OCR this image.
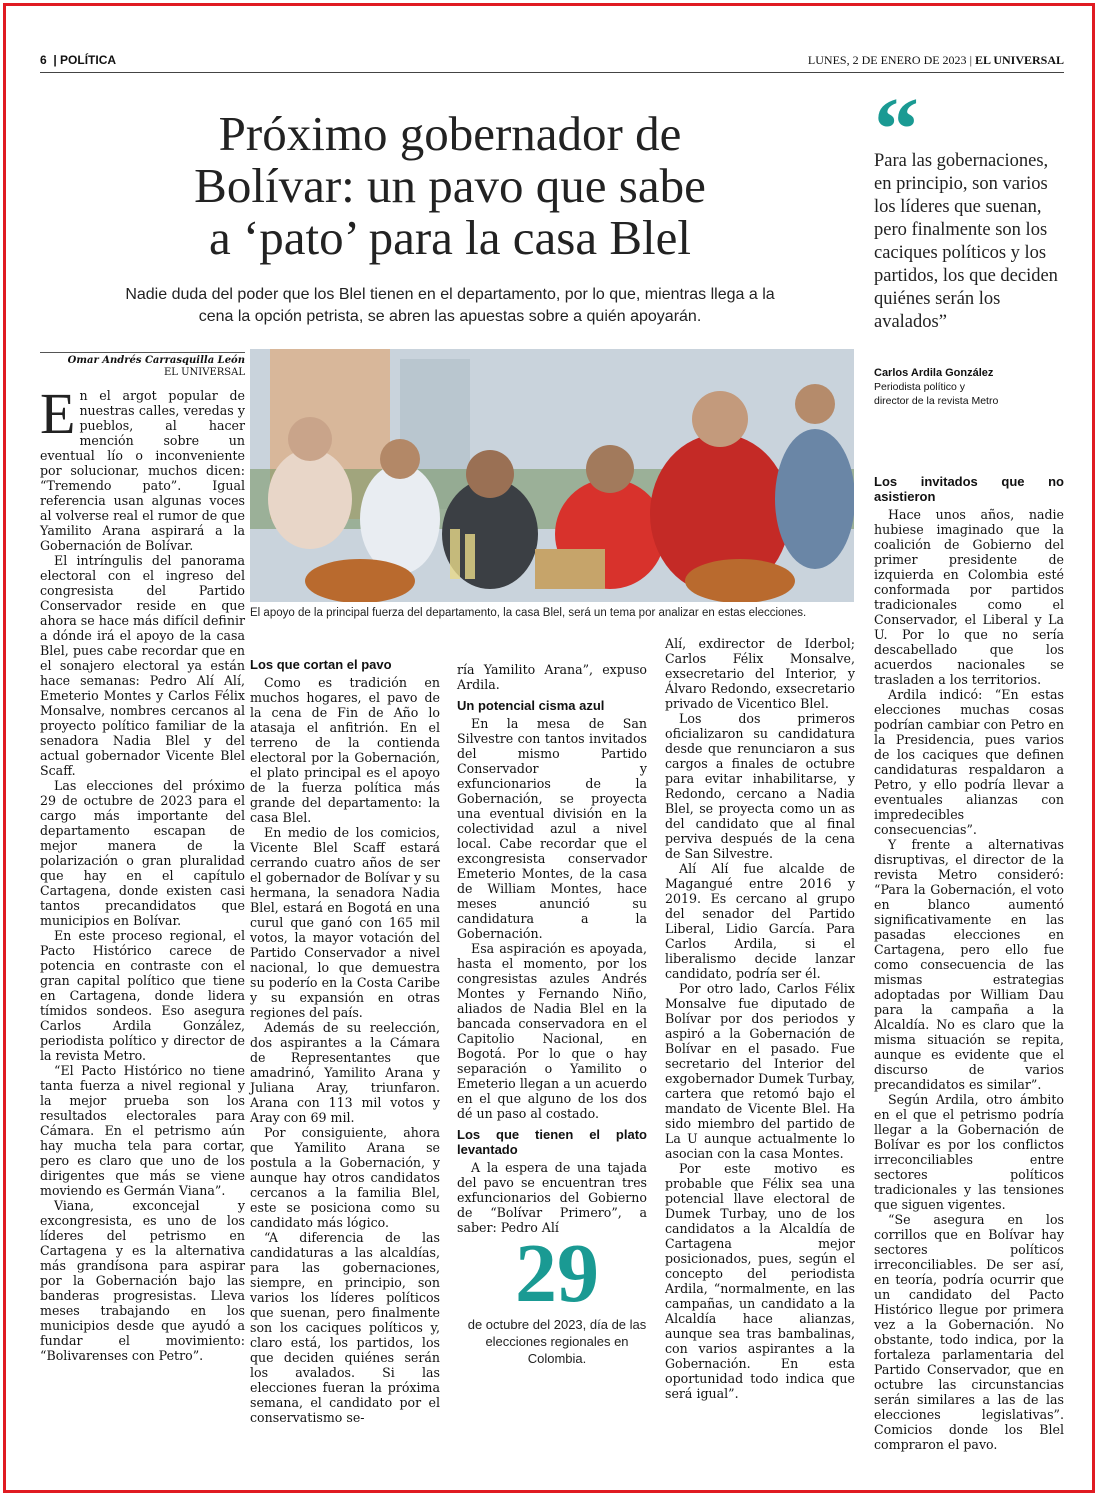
6  | POLÍTICA	LUNES, 2 DE ENERO DE 2023 | EL UNIVERSAL
Próximo gobernador de
Bolívar: un pavo que sabe
a ‘pato’ para la casa Blel
Nadie duda del poder que los Blel tienen en el departamento, por lo que, mientras llega a la
cena la opción petrista, se abren las apuestas sobre a quién apoyarán.
Omar Andrés Carrasquilla León
EL UNIVERSAL

En el argot popular de nuestras calles, veredas y pueblos, al hacer mención sobre un eventual lío o inconveniente por solucionar, muchos dicen: “Tremendo pato”. Igual referencia usan algunas voces al volverse real el rumor de que Yamilito Arana aspirará a la Gobernación de Bolívar.

El intríngulis del panorama electoral con el ingreso del congresista del Partido Conservador reside en que ahora se hace más difícil definir a dónde irá el apoyo de la casa Blel, pues cabe recordar que en el sonajero electoral ya están hace semanas: Pedro Alí Alí, Emeterio Montes y Carlos Félix Monsalve, nombres cercanos al proyecto político familiar de la senadora Nadia Blel y del actual gobernador Vicente Blel Scaff.

Las elecciones del próximo 29 de octubre de 2023 para el cargo más importante del departamento escapan de mejor manera de la polarización o gran pluralidad que hay en el capítulo Cartagena, donde existen casi tantos precandidatos que municipios en Bolívar.

En este proceso regional, el Pacto Histórico carece de potencia en contraste con el gran capital político que tiene en Cartagena, donde lidera tímidos sondeos. Eso asegura Carlos Ardila González, periodista político y director de la revista Metro.

“El Pacto Histórico no tiene tanta fuerza a nivel regional y la mejor prueba son los resultados electorales para Cámara. En el petrismo aún hay mucha tela para cortar, pero es claro que uno de los dirigentes que más se viene moviendo es Germán Viana”.

Viana, exconcejal y excongresista, es uno de los líderes del petrismo en Cartagena y es la alternativa más grandísona para aspirar por la Gobernación bajo las banderas progresistas. Lleva meses trabajando en los municipios desde que ayudó a fundar el movimiento: “Bolivarenses con Petro”.

El apoyo de la principal fuerza del departamento, la casa Blel, será un tema por analizar en estas elecciones.
Los que cortan el pavo

Como es tradición en muchos hogares, el pavo de la cena de Fin de Año lo atasaja el anfitrión. En el terreno de la contienda electoral por la Gobernación, el plato principal es el apoyo de la fuerza política más grande del departamento: la casa Blel.

En medio de los comicios, Vicente Blel Scaff estará cerrando cuatro años de ser el gobernador de Bolívar y su hermana, la senadora Nadia Blel, estará en Bogotá en una curul que ganó con 165 mil votos, la mayor votación del Partido Conservador a nivel nacional, lo que demuestra su poderío en la Costa Caribe y su expansión en otras regiones del país.

Además de su reelección, dos aspirantes a la Cámara de Representantes que amadrinó, Yamilito Arana y Juliana Aray, triunfaron. Arana con 113 mil votos y Aray con 69 mil.

Por consiguiente, ahora que Yamilito Arana se postula a la Gobernación, y aunque hay otros candidatos cercanos a la familia Blel, este se posiciona como su candidato más lógico.

“A diferencia de las candidaturas a las alcaldías, para las gobernaciones, siempre, en principio, son varios los líderes políticos que suenan, pero finalmente son los caciques políticos y, claro está, los partidos, los que deciden quiénes serán los avalados. Si las elecciones fueran la próxima semana, el candidato por el conservatismo se-

ría Yamilito Arana”, expuso Ardila.

Un potencial cisma azul

En la mesa de San Silvestre con tantos invitados del mismo Partido Conservador y exfuncionarios de la Gobernación, se proyecta una eventual división en la colectividad azul a nivel local. Cabe recordar que el excongresista conservador Emeterio Montes, de la casa de William Montes, hace meses anunció su candidatura a la Gobernación.

Esa aspiración es apoyada, hasta el momento, por los congresistas azules Andrés Montes y Fernando Niño, aliados de Nadia Blel en la bancada conservadora en el Capitolio Nacional, en Bogotá. Por lo que o hay separación o Yamilito o Emeterio llegan a un acuerdo en el que alguno de los dos dé un paso al costado.

Los que tienen el plato levantado

A la espera de una tajada del pavo se encuentran tres exfuncionarios del Gobierno de “Bolívar Primero”, a saber: Pedro Alí

29
de octubre del 2023, día de las elecciones regionales en Colombia.

Alí, exdirector de Iderbol; Carlos Félix Monsalve, exsecretario del Interior, y Álvaro Redondo, exsecretario privado de Vicentico Blel.

Los dos primeros oficializaron su candidatura desde que renunciaron a sus cargos a finales de octubre para evitar inhabilitarse, y Redondo, cercano a Nadia Blel, se proyecta como un as del candidato que al final perviva después de la cena de San Silvestre.

Alí Alí fue alcalde de Magangué entre 2016 y 2019. Es cercano al grupo del senador del Partido Liberal, Lidio García. Para Carlos Ardila, si el liberalismo decide lanzar candidato, podría ser él.

Por otro lado, Carlos Félix Monsalve fue diputado de Bolívar por dos periodos y aspiró a la Gobernación de Bolívar en el pasado. Fue secretario del Interior del exgobernador Dumek Turbay, cartera que retomó bajo el mandato de Vicente Blel. Ha sido miembro del partido de La U aunque actualmente lo asocian con la casa Montes.

Por este motivo es probable que Félix sea una potencial llave electoral de Dumek Turbay, uno de los candidatos a la Alcaldía de Cartagena mejor posicionados, pues, según el concepto del periodista Ardila, “normalmente, en las campañas, un candidato a la Alcaldía hace alianzas, aunque sea tras bambalinas, con varios aspirantes a la Gobernación. En esta oportunidad todo indica que será igual”.

“
Para las gobernaciones, en principio, son varios los líderes que suenan, pero finalmente son los caciques políticos y los partidos, los que deciden quiénes serán los avalados”
Carlos Ardila González
Periodista político y
director de la revista Metro
Los invitados que no asistieron

Hace unos años, nadie hubiese imaginado que la coalición de Gobierno del primer presidente de izquierda en Colombia esté conformada por partidos tradicionales como el Conservador, el Liberal y La U. Por lo que no sería descabellado que los acuerdos nacionales se trasladen a los territorios.

Ardila indicó: “En estas elecciones muchas cosas podrían cambiar con Petro en la Presidencia, pues varios de los caciques que definen candidaturas respaldaron a Petro, y ello podría llevar a eventuales alianzas con impredecibles consecuencias”.

Y frente a alternativas disruptivas, el director de la revista Metro consideró: “Para la Gobernación, el voto en blanco aumentó significativamente en las pasadas elecciones en Cartagena, pero ello fue como consecuencia de las mismas estrategias adoptadas por William Dau para la campaña a la Alcaldía. No es claro que la misma situación se repita, aunque es evidente que el discurso de varios precandidatos es similar”.

Según Ardila, otro ámbito en el que el petrismo podría llegar a la Gobernación de Bolívar es por los conflictos irreconciliables entre sectores políticos tradicionales y las tensiones que siguen vigentes.

“Se asegura en los corrillos que en Bolívar hay sectores políticos irreconciliables. De ser así, en teoría, podría ocurrir que un candidato del Pacto Histórico llegue por primera vez a la Gobernación. No obstante, todo indica, por la fortaleza parlamentaria del Partido Conservador, que en octubre las circunstancias serán similares a las de las elecciones legislativas”. Comicios donde los Blel compraron el pavo.
